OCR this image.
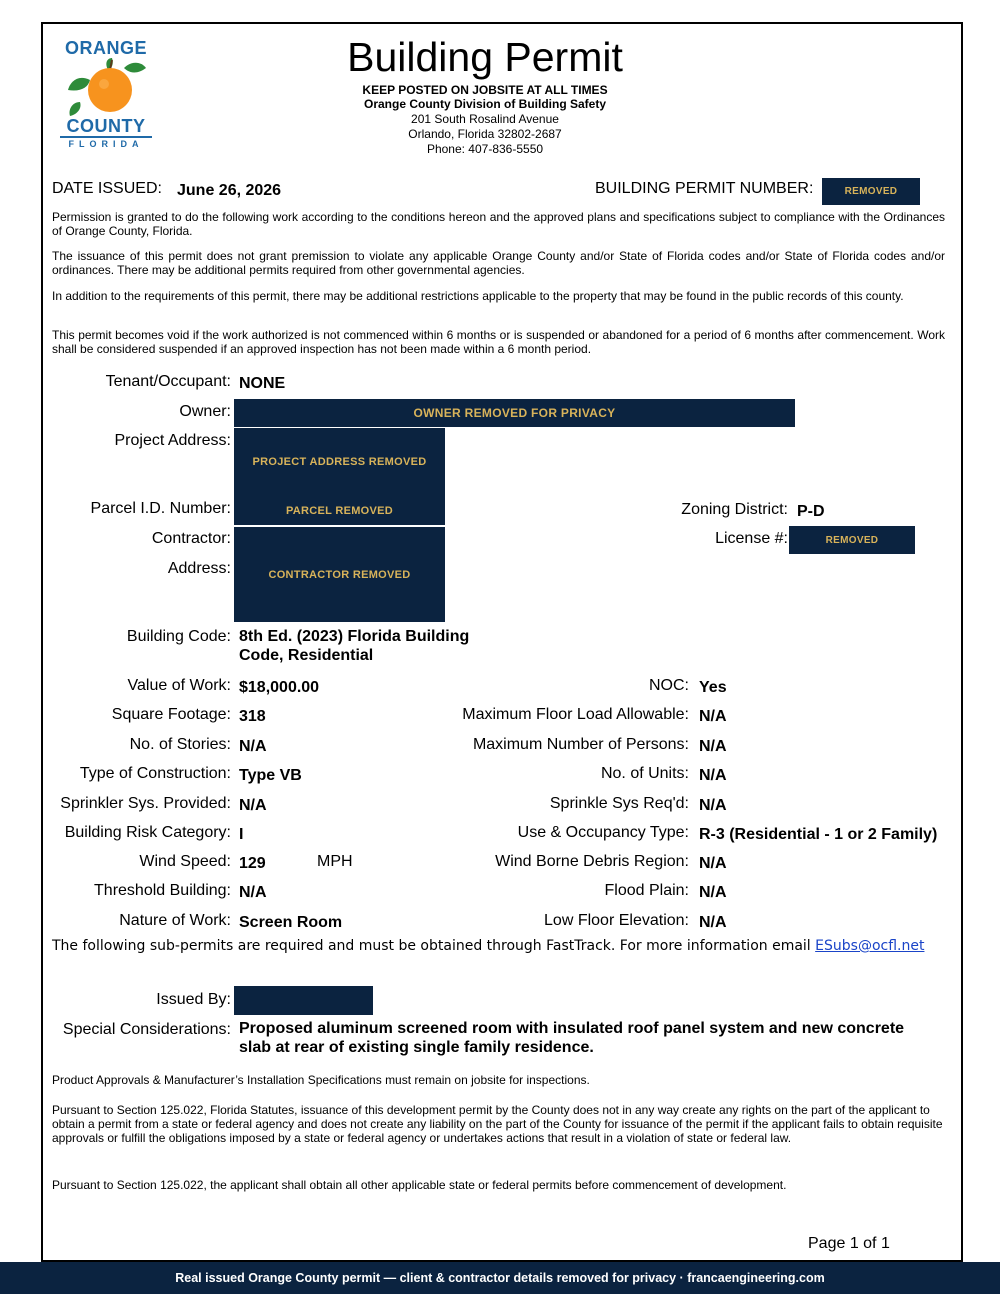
ORANGE
COUNTY
FLORIDA
Building Permit
KEEP POSTED ON JOBSITE AT ALL TIMES
Orange County Division of Building Safety
201 South Rosalind Avenue
Orlando, Florida 32802-2687
Phone: 407-836-5550
DATE ISSUED: June 26, 2026	BUILDING PERMIT NUMBER:	REMOVED
Permission is granted to do the following work according to the conditions hereon and the approved plans and specifications subject to compliance with the Ordinances of Orange County, Florida.
The issuance of this permit does not grant premission to violate any applicable Orange County and/or State of Florida codes and/or State of Florida codes and/or ordinances. There may be additional permits required from other governmental agencies.
In addition to the requirements of this permit, there may be additional restrictions applicable to the property that may be found in the public records of this county.
This permit becomes void if the work authorized is not commenced within 6 months or is suspended or abandoned for a period of 6 months after commencement. Work shall be considered suspended if an approved inspection has not been made within a 6 month period.
Tenant/Occupant: NONE
Owner:	OWNER REMOVED FOR PRIVACY
Project Address:
PROJECT ADDRESS REMOVED
Parcel I.D. Number:	PARCEL REMOVED	Zoning District: P-D
Contractor:
CONTRACTOR REMOVED
Address:
License #:	REMOVED
Building Code: 8th Ed. (2023) Florida Building Code, Residential
Value of Work: $18,000.00	NOC: Yes
Square Footage: 318	Maximum Floor Load Allowable: N/A
No. of Stories: N/A	Maximum Number of Persons: N/A
Type of Construction: Type VB	No. of Units: N/A
Sprinkler Sys. Provided: N/A	Sprinkle Sys Req'd: N/A
Building Risk Category: I	Use & Occupancy Type: R-3 (Residential - 1 or 2 Family)
Wind Speed: 129	MPH	Wind Borne Debris Region: N/A
Threshold Building: N/A	Flood Plain: N/A
Nature of Work: Screen Room	Low Floor Elevation: N/A
The following sub-permits are required and must be obtained through FastTrack. For more information email ESubs@ocfl.net
Issued By:
Special Considerations: Proposed aluminum screened room with insulated roof panel system and new concrete slab at rear of existing single family residence.
Product Approvals & Manufacturer’s Installation Specifications must remain on jobsite for inspections.
Pursuant to Section 125.022, Florida Statutes, issuance of this development permit by the County does not in any way create any rights on the part of the applicant to obtain a permit from a state or federal agency and does not create any liability on the part of the County for issuance of the permit if the applicant fails to obtain requisite approvals or fulfill the obligations imposed by a state or federal agency or undertakes actions that result in a violation of state or federal law.
Pursuant to Section 125.022, the applicant shall obtain all other applicable state or federal permits before commencement of development.
Page 1 of 1
Real issued Orange County permit — client & contractor details removed for privacy · francaengineering.com
